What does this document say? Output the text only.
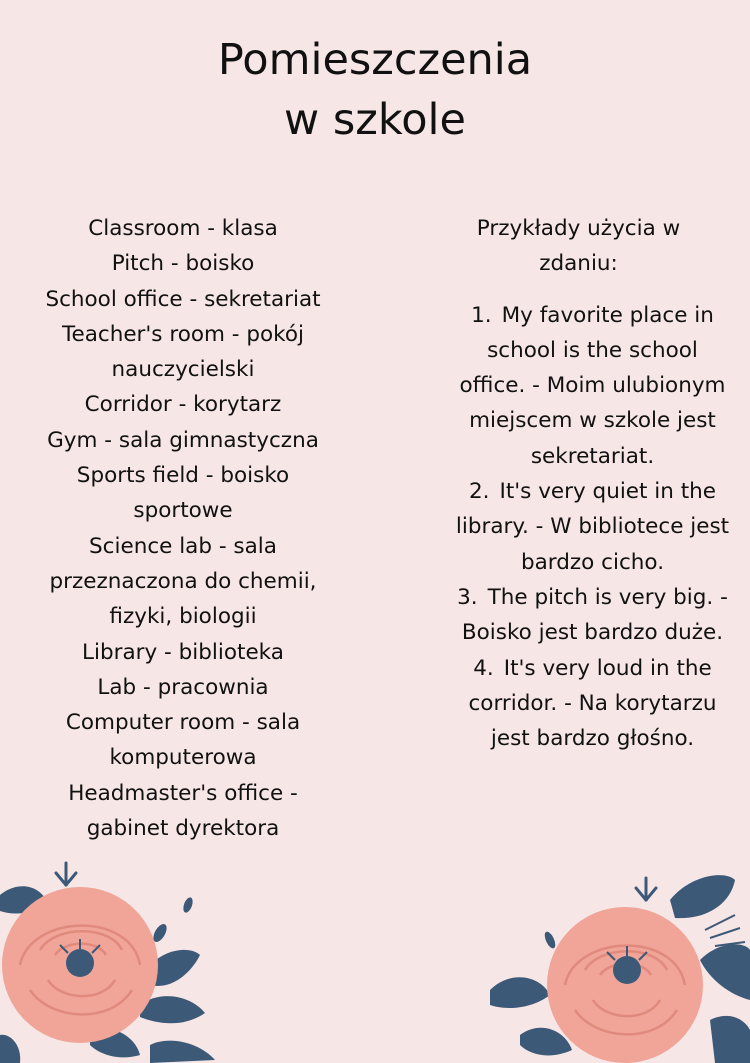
Pomieszczenia
w szkole
Classroom - klasa
Pitch - boisko
School office - sekretariat
Teacher's room - pokój nauczycielski
Corridor - korytarz
Gym - sala gimnastyczna
Sports field - boisko sportowe
Science lab - sala przeznaczona do chemii, fizyki, biologii
Library - biblioteka
Lab - pracownia
Computer room - sala komputerowa
Headmaster's office - gabinet dyrektora

Przykłady użycia w zdaniu:

1. My favorite place in school is the school office. - Moim ulubionym miejscem w szkole jest sekretariat.
2. It's very quiet in the library. - W bibliotece jest bardzo cicho.
3. The pitch is very big. - Boisko jest bardzo duże.
4. It's very loud in the corridor. - Na korytarzu jest bardzo głośno.
